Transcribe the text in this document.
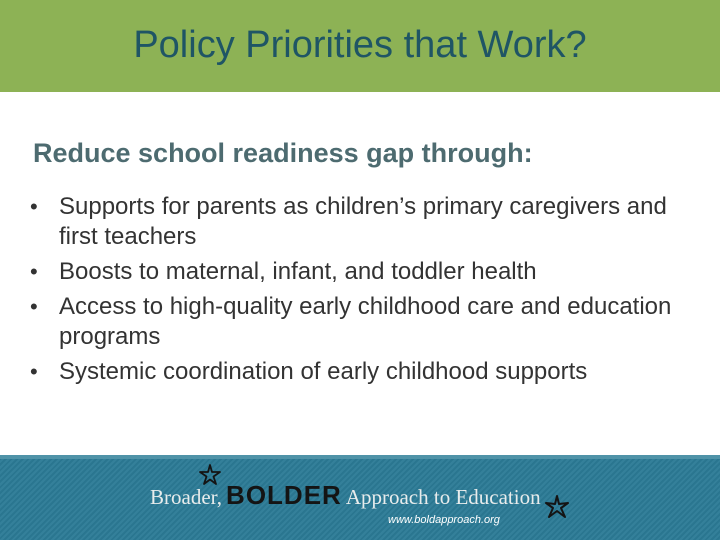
Policy Priorities that Work?
Reduce school readiness gap through:
• Supports for parents as children’s primary caregivers and first teachers
• Boosts to maternal, infant, and toddler health
• Access to high-quality early childhood care and education programs
• Systemic coordination of early childhood supports
Broader, BOLDER Approach to Education
www.boldapproach.org
